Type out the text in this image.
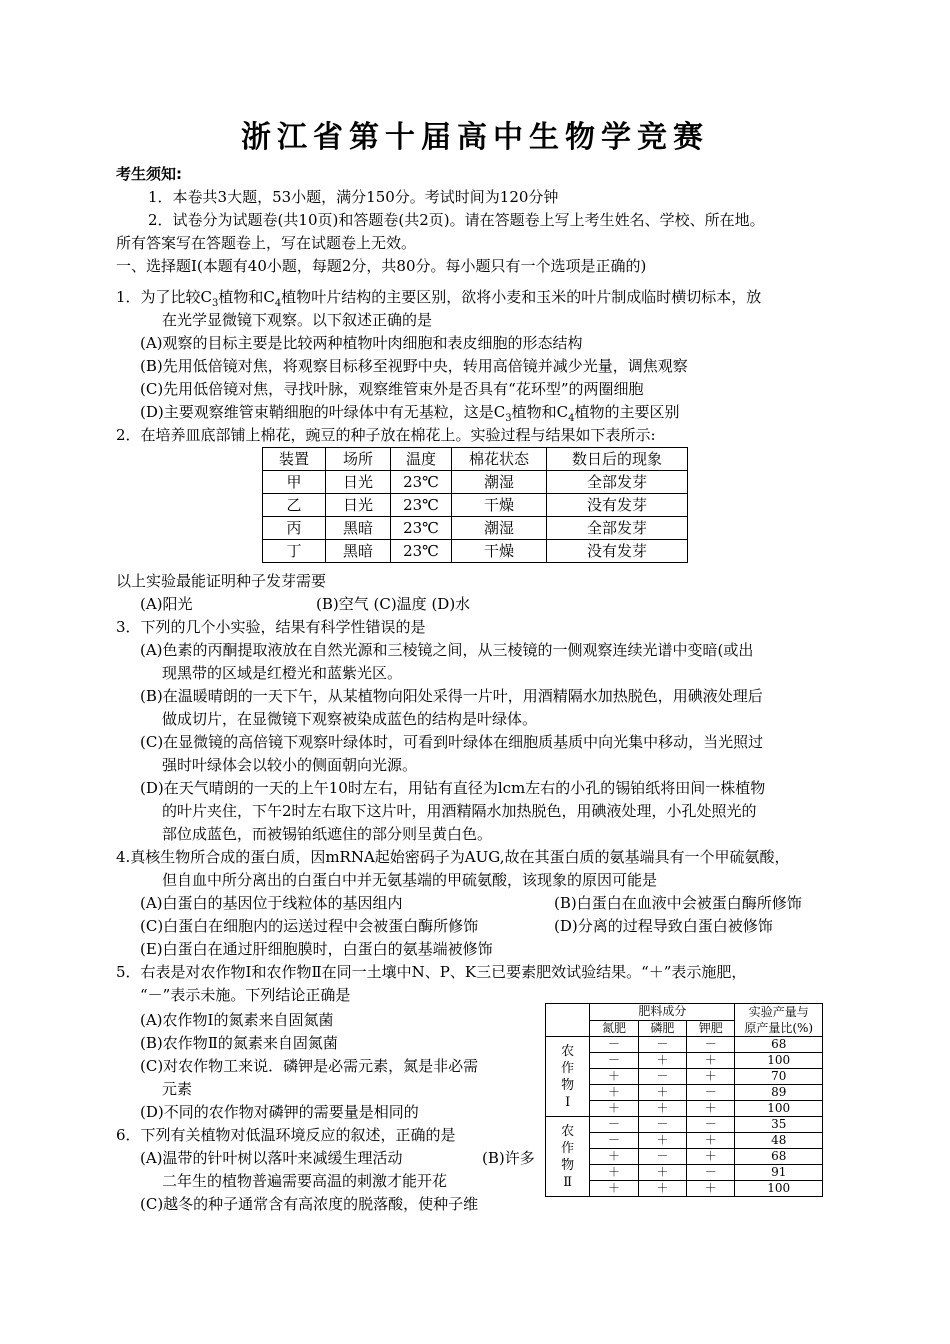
浙江省第十届高中生物学竞赛
考生须知:
1．本卷共3大题，53小题，满分150分。考试时间为120分钟
2．试卷分为试题卷(共10页)和答题卷(共2页)。请在答题卷上写上考生姓名、学校、所在地。
所有答案写在答题卷上，写在试题卷上无效。
一、选择题Ⅰ(本题有40小题，每题2分，共80分。每小题只有一个选项是正确的)
1．为了比较$C_3$植物和$C_4$植物叶片结构的主要区别，欲将小麦和玉米的叶片制成临时横切标本，放
在光学显微镜下观察。以下叙述正确的是
(A)观察的目标主要是比较两种植物叶肉细胞和表皮细胞的形态结构
(B)先用低倍镜对焦，将观察目标移至视野中央，转用高倍镜并减少光量，调焦观察
(C)先用低倍镜对焦，寻找叶脉，观察维管束外是否具有“花环型”的两圈细胞
(D)主要观察维管束鞘细胞的叶绿体中有无基粒，这是$C_3$植物和$C_4$植物的主要区别
2．在培养皿底部铺上棉花，豌豆的种子放在棉花上。实验过程与结果如下表所示:
装置	场所	温度	棉花状态	数日后的现象
甲	日光	23℃	潮湿	全部发芽
乙	日光	23℃	干燥	没有发芽
丙	黑暗	23℃	潮湿	全部发芽
丁	黑暗	23℃	干燥	没有发芽
以上实验最能证明种子发芽需要
(A)阳光	(B)空气 (C)温度 (D)水
3．下列的几个小实验，结果有科学性错误的是
(A)色素的丙酮提取液放在自然光源和三棱镜之间，从三棱镜的一侧观察连续光谱中变暗(或出
现黑带的区域是红橙光和蓝紫光区。
(B)在温暖晴朗的一天下午，从某植物向阳处采得一片叶，用酒精隔水加热脱色，用碘液处理后
做成切片，在显微镜下观察被染成蓝色的结构是叶绿体。
(C)在显微镜的高倍镜下观察叶绿体时，可看到叶绿体在细胞质基质中向光集中移动，当光照过
强时叶绿体会以较小的侧面朝向光源。
(D)在天气晴朗的一天的上午10时左右，用钻有直径为lcm左右的小孔的锡铂纸将田间一株植物
的叶片夹住，下午2时左右取下这片叶，用酒精隔水加热脱色，用碘液处理，小孔处照光的
部位成蓝色，而被锡铂纸遮住的部分则呈黄白色。
4.真核生物所合成的蛋白质，因mRNA起始密码子为AUG,故在其蛋白质的氨基端具有一个甲硫氨酸，
但自血中所分离出的白蛋白中并无氨基端的甲硫氨酸，该现象的原因可能是
(A)白蛋白的基因位于线粒体的基因组内	(B)白蛋白在血液中会被蛋白酶所修饰
(C)白蛋白在细胞内的运送过程中会被蛋白酶所修饰	(D)分离的过程导致白蛋白被修饰
(E)白蛋白在通过肝细胞膜时，白蛋白的氨基端被修饰
5．右表是对农作物Ⅰ和农作物Ⅱ在同一土壤中N、P、K三已要素肥效试验结果。“＋”表示施肥，
“－”表示未施。下列结论正确是
(A)农作物Ⅰ的氮素来自固氮菌
(B)农作物Ⅱ的氮素来自固氮菌
(C)对农作物工来说．磷钾是必需元素，氮是非必需
元素
(D)不同的农作物对磷钾的需要量是相同的
6．下列有关植物对低温环境反应的叙述，正确的是
(A)温带的针叶树以落叶来减缓生理活动	(B)许多
二年生的植物普遍需要高温的刺激才能开花
(C)越冬的种子通常含有高浓度的脱落酸，使种子维
	肥料成分			实验产量与
原产量比(%)

	氮肥	磷肥	钾肥	

农
作
物
Ⅰ	－	－	－	68
	－	＋	＋	100
	＋	－	＋	70
	＋	＋	－	89
	＋	＋	＋	100

农
作
物
Ⅱ	－	－	－	35
	－	＋	＋	48
	＋	－	＋	68
	＋	＋	－	91
	＋	＋	＋	100
